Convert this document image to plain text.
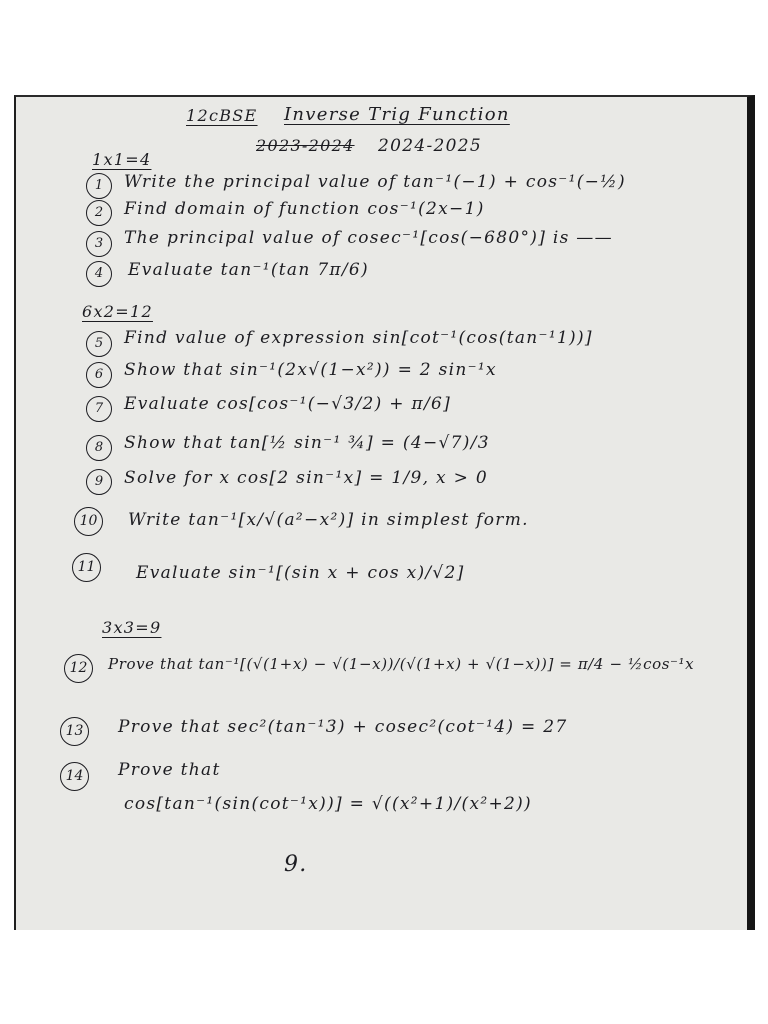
12cBSE Inverse Trig Function
2023-2024 2024-2025
1x1=4
1	Write the principal value of tan⁻¹(−1) + cos⁻¹(−½)
2	Find domain of function cos⁻¹(2x−1)
3	The principal value of cosec⁻¹[cos(−680°)] is ——
4	Evaluate tan⁻¹(tan 7π/6)
6x2=12
5	Find value of expression sin[cot⁻¹(cos(tan⁻¹1))]
6	Show that sin⁻¹(2x√(1−x²)) = 2 sin⁻¹x
7	Evaluate cos[cos⁻¹(−√3/2) + π/6]
8	Show that tan[½ sin⁻¹ ¾] = (4−√7)/3
9	Solve for x cos[2 sin⁻¹x] = 1/9, x > 0
10	Write tan⁻¹[x/√(a²−x²)] in simplest form.
11	Evaluate sin⁻¹[(sin x + cos x)/√2]
3x3=9
12	Prove that tan⁻¹[(√(1+x) − √(1−x))/(√(1+x) + √(1−x))] = π/4 − ½cos⁻¹x
13	Prove that sec²(tan⁻¹3) + cosec²(cot⁻¹4) = 27
14	Prove that
cos[tan⁻¹(sin(cot⁻¹x))] = √((x²+1)/(x²+2))
9.
